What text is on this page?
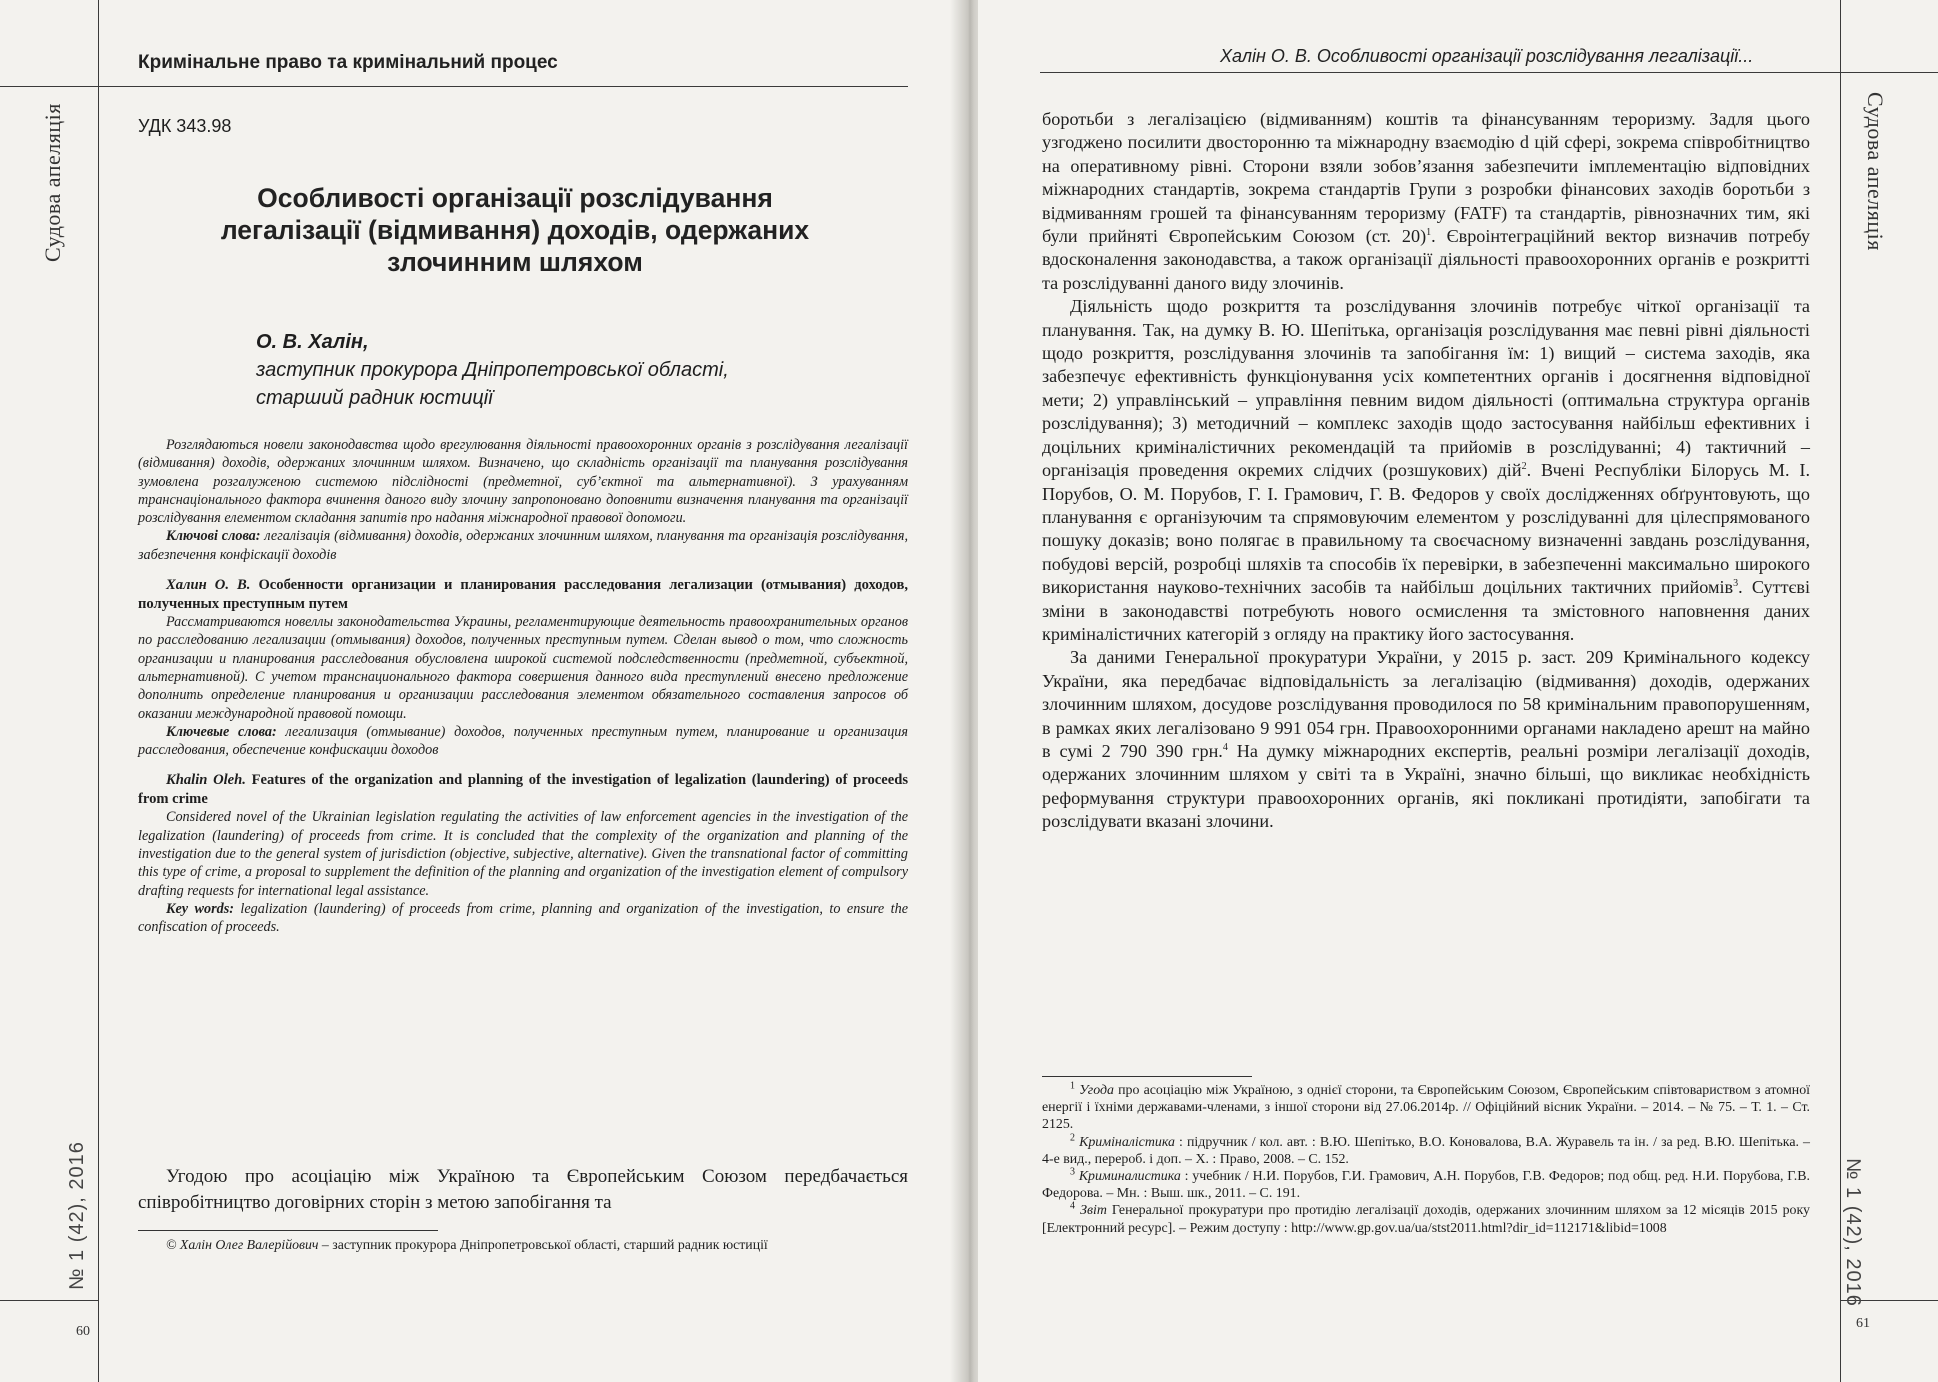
Судова апеляція
№ 1 (42), 2016
60
Кримінальне право та кримінальний процес
УДК 343.98
Особливості організації розслідування
легалізації (відмивання) доходів, одержаних
злочинним шляхом
О. В. Халін,
заступник прокурора Дніпропетровської області,
старший радник юстиції

Розглядаються новели законодавства щодо врегулювання діяльності правоохоронних органів з розслідування легалізації (відмивання) доходів, одержаних злочинним шляхом. Визначено, що складність організації та планування розслідування зумовлена розгалуженою системою підслідності (предметної, суб’єктної та альтернативної). З урахуванням транснаціонального фактора вчинення даного виду злочину запропоновано доповнити визначення планування та організації розслідування елементом складання запитів про надання міжнародної правової допомоги.

Ключові слова: легалізація (відмивання) доходів, одержаних злочинним шляхом, планування та організація розслідування, забезпечення конфіскації доходів

Халин О. В. Особенности организации и планирования расследования легализации (отмывания) доходов, полученных преступным путем

Рассматриваются новеллы законодательства Украины, регламентирующие деятельность правоохранительных органов по расследованию легализации (отмывания) доходов, полученных преступным путем. Сделан вывод о том, что сложность организации и планирования расследования обусловлена широкой системой подследственности (предметной, субъектной, альтернативной). С учетом транснационального фактора совершения данного вида преступлений внесено предложение дополнить определение планирования и организации расследования элементом обязательного составления запросов об оказании международной правовой помощи.

Ключевые слова: легализация (отмывание) доходов, полученных преступным путем, планирование и организация расследования, обеспечение конфискации доходов

Khalin Oleh. Features of the organization and planning of the investigation of legalization (laundering) of proceeds from crime

Considered novel of the Ukrainian legislation regulating the activities of law enforcement agencies in the investigation of the legalization (laundering) of proceeds from crime. It is concluded that the complexity of the organization and planning of the investigation due to the general system of jurisdiction (objective, subjective, alternative). Given the transnational factor of committing this type of crime, a proposal to supplement the definition of the planning and organization of the investigation element of compulsory drafting requests for international legal assistance.

Key words: legalization (laundering) of proceeds from crime, planning and organization of the investigation, to ensure the confiscation of proceeds.

Угодою про асоціацію між Україною та Європейським Союзом передбачається співробітництво договірних сторін з метою запобігання та

© Халін Олег Валерійович – заступник прокурора Дніпропетровської області, старший радник юстиції

61
Судова апеляція
№ 1 (42), 2016
Халін О. В. Особливості організації розслідування легалізації...

боротьби з легалізацією (відмиванням) коштів та фінансуванням тероризму. Задля цього узгоджено посилити двосторонню та міжнародну взаємодію d цій сфері, зокрема співробітництво на оперативному рівні. Сторони взяли зобов’язання забезпечити імплементацію відповідних міжнародних стандартів, зокрема стандартів Групи з розробки фінансових заходів боротьби з відмиванням грошей та фінансуванням тероризму (FATF) та стандартів, рівнозначних тим, які були прийняті Європейським Союзом (ст. 20)$^1$. Євроінтеграційний вектор визначив потребу вдосконалення законодавства, а також організації діяльності правоохоронних органів е розкритті та розслідуванні даного виду злочинів.

Діяльність щодо розкриття та розслідування злочинів потребує чіткої організації та планування. Так, на думку В. Ю. Шепітька, організація розслідування має певні рівні діяльності щодо розкриття, розслідування злочинів та запобігання їм: 1) вищий – система заходів, яка забезпечує ефективність функціонування усіх компетентних органів і досягнення відповідної мети; 2) управлінський – управління певним видом діяльності (оптимальна структура органів розслідування); 3) методичний – комплекс заходів щодо застосування найбільш ефективних і доцільних криміналістичних рекомендацій та прийомів в розслідуванні; 4) тактичний – організація проведення окремих слідчих (розшукових) дій$^2$. Вчені Республіки Білорусь М. І. Порубов, О. М. Порубов, Г. І. Грамович, Г. В. Федоров у своїх дослідженнях обґрунтовують, що планування є організуючим та спрямовуючим елементом у розслідуванні для цілеспрямованого пошуку доказів; воно полягає в правильному та своєчасному визначенні завдань розслідування, побудові версій, розробці шляхів та способів їх перевірки, в забезпеченні максимально широкого використання науково-технічних засобів та найбільш доцільних тактичних прийомів$^3$. Суттєві зміни в законодавстві потребують нового осмислення та змістовного наповнення даних криміналістичних категорій з огляду на практику його застосування.

За даними Генеральної прокуратури України, у 2015 р. заст. 209 Кримінального кодексу України, яка передбачає відповідальність за легалізацію (відмивання) доходів, одержаних злочинним шляхом, досудове розслідування проводилося по 58 кримінальним правопорушенням, в рамках яких легалізовано 9 991 054 грн. Правоохоронними органами накладено арешт на майно в сумі 2 790 390 грн.$^4$ На думку міжнародних експертів, реальні розміри легалізації доходів, одержаних злочинним шляхом у світі та в Україні, значно більші, що викликає необхідність реформування структури правоохоронних органів, які покликані протидіяти, запобігати та розслідувати вказані злочини.

$^1$ Угода про асоціацію між Україною, з однієї сторони, та Європейським Союзом, Європейським співтовариством з атомної енергії і їхніми державами-членами, з іншої сторони від 27.06.2014р. // Офіційний вісник України. – 2014. – № 75. – Т. 1. – Ст. 2125.

$^2$ Криміналістика : підручник / кол. авт. : В.Ю. Шепітько, В.О. Коновалова, В.А. Журавель та ін. / за ред. В.Ю. Шепітька. – 4-е вид., перероб. і доп. – Х. : Право, 2008. – С. 152.

$^3$ Криминалистика : учебник / Н.И. Порубов, Г.И. Грамович, А.Н. Порубов, Г.В. Федоров; под общ. ред. Н.И. Порубова, Г.В. Федорова. – Мн. : Выш. шк., 2011. – С. 191.

$^4$ Звіт Генеральної прокуратури про протидію легалізації доходів, одержаних злочинним шляхом за 12 місяців 2015 року [Електронний ресурс]. – Режим доступу : http://www.gp.gov.ua/ua/stst2011.html?dir_id=112171&libid=1008
